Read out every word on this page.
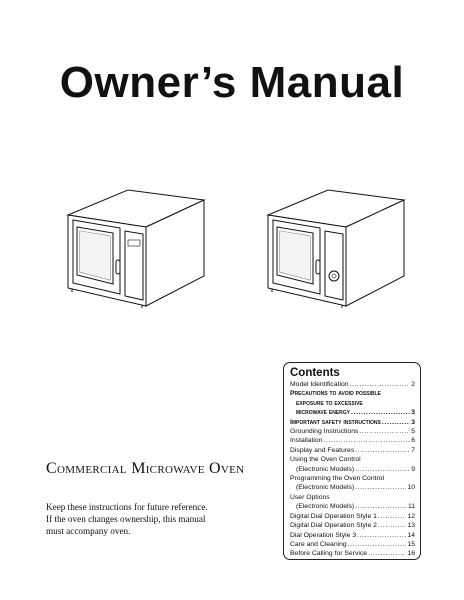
Owner’s Manual
Commercial Microwave Oven
Keep these instructions for future reference.
If the oven changes ownership, this manual
must accompany oven.
Contents
Model Identification .....	2
Precautions to avoid possible
exposure to excessive
microwave energy .....	3
Important safety instructions .....	3
Grounding Instructions .....	5
Installation .....	6
Display and Features .....	7
Using the Oven Control
(Electronic Models) .....	9
Programming the Oven Control
(Electronic Models) .....	10
User Options
(Electronic Models) .....	11
Digital Dial Operation Style 1 .....	12
Digital Dial Operation Style 2 .....	13
Dial Operation Style 3 .....	14
Care and Cleaning .....	15
Before Calling for Service .....	16
